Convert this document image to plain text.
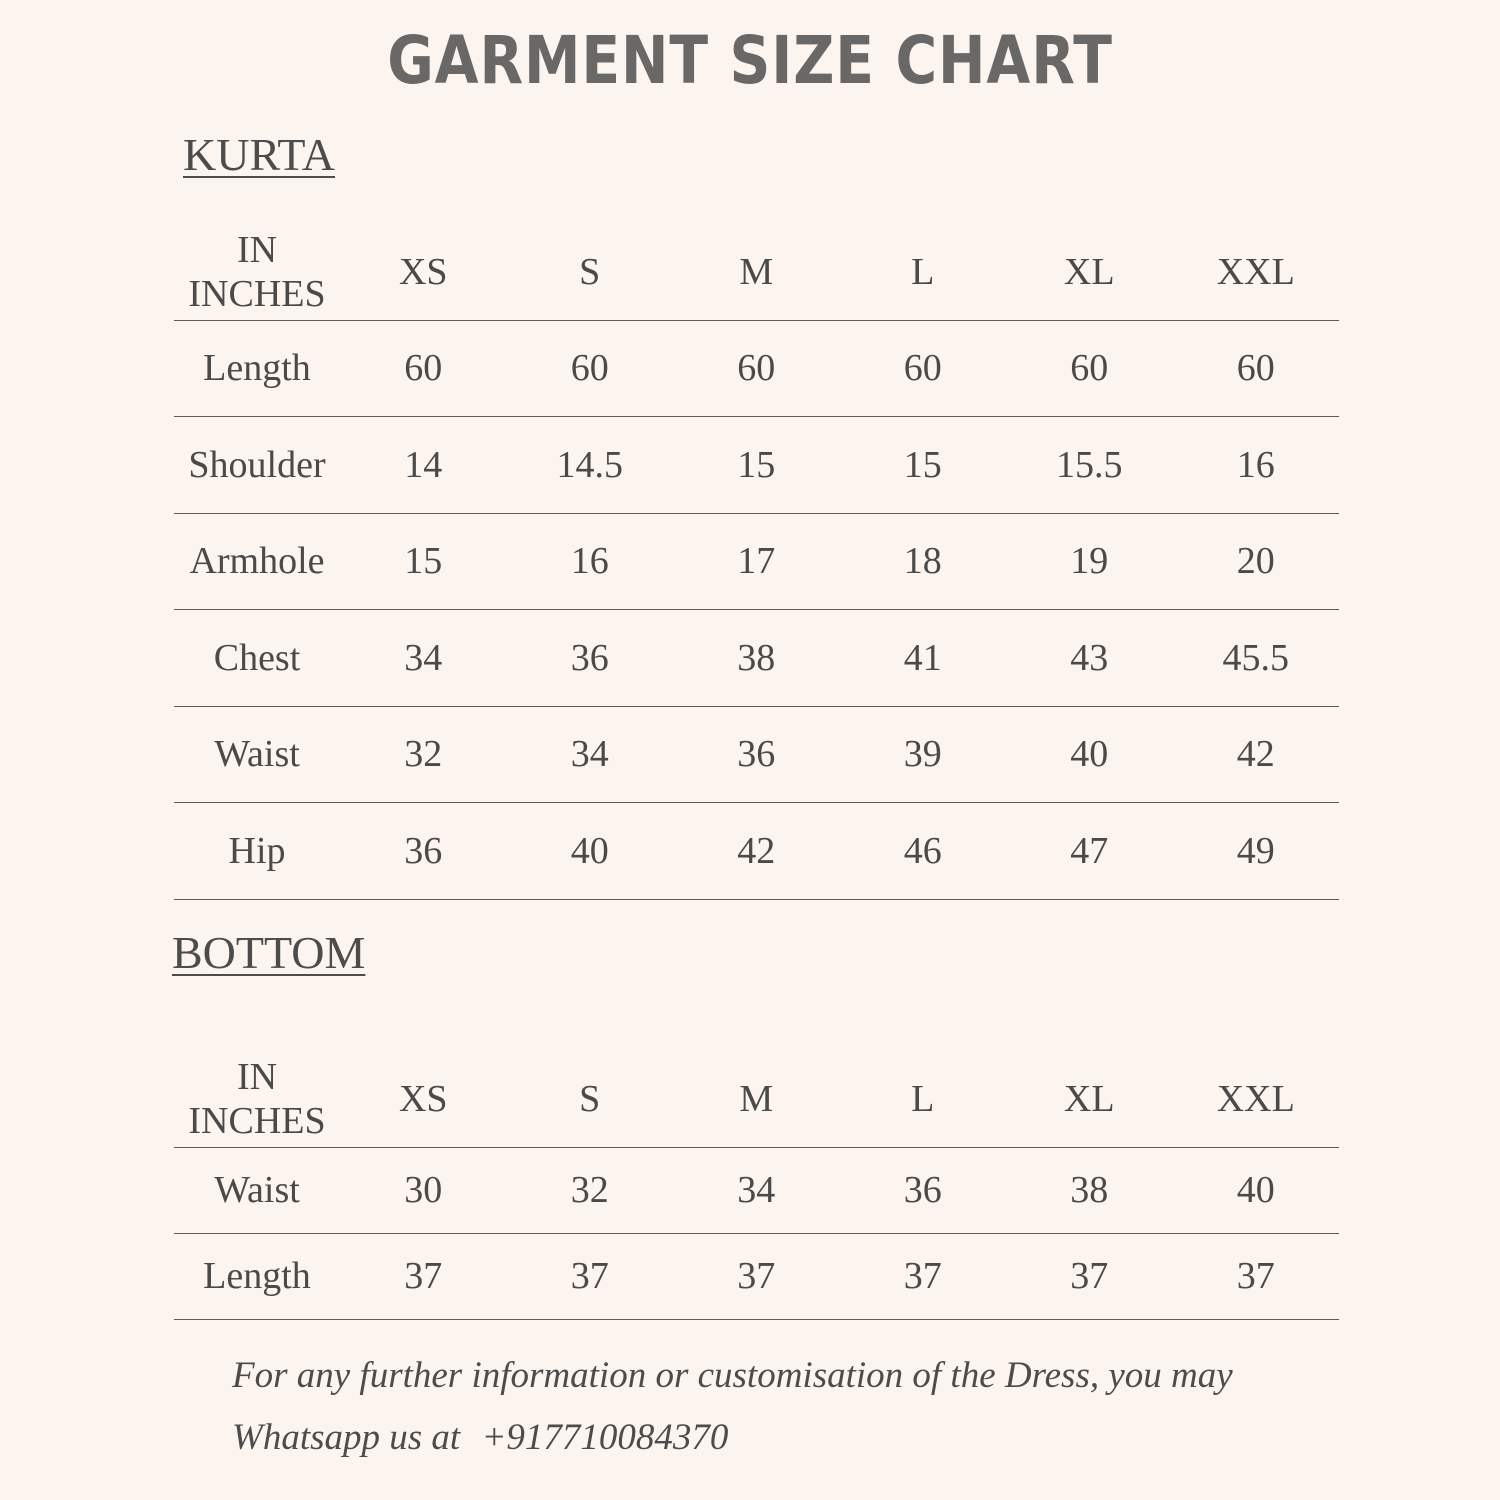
GARMENT SIZE CHART
KURTA
IN
INCHES	XS	S	M	L	XL	XXL
Length	60	60	60	60	60	60
Shoulder	14	14.5	15	15	15.5	16
Armhole	15	16	17	18	19	20
Chest	34	36	38	41	43	45.5
Waist	32	34	36	39	40	42
Hip	36	40	42	46	47	49
BOTTOM
IN
INCHES	XS	S	M	L	XL	XXL
Waist	30	32	34	36	38	40
Length	37	37	37	37	37	37
For any further information or customisation of the Dress, you may
Whatsapp us at +917710084370
